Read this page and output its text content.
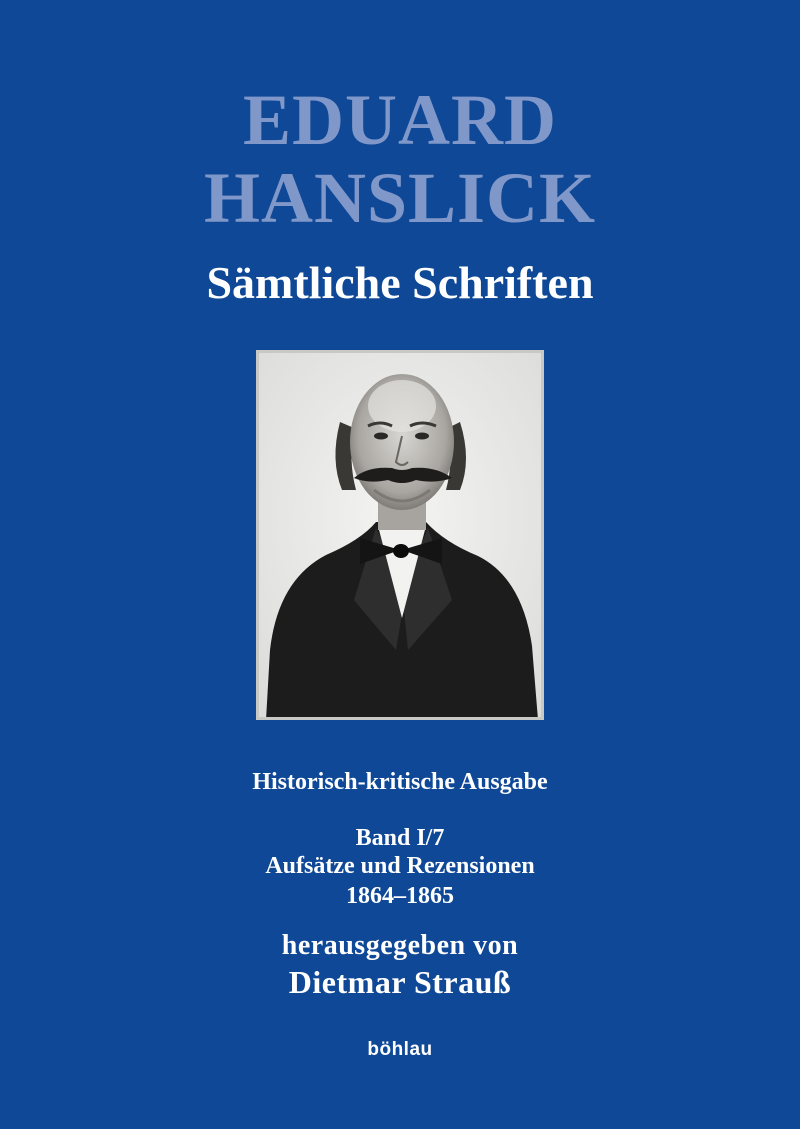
EDUARD
HANSLICK
Sämtliche Schriften
Historisch-kritische Ausgabe
Band I/7
Aufsätze und Rezensionen
1864–1865
herausgegeben von
Dietmar Strauß
böhlau
